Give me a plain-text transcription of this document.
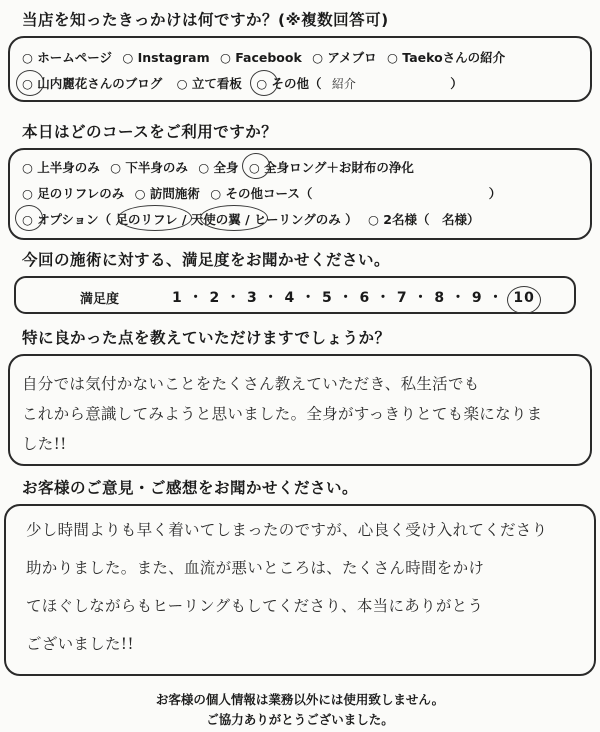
当店を知ったきっかけは何ですか？(※複数回答可)
○ ホームページ ○ Instagram ○ Facebook ○ アメブロ ○ Taekoさんの紹介
○ 山内麗花さんのブログ ○ 立て看板 ○ その他（ 紹介	）
本日はどのコースをご利用ですか？
○ 上半身のみ ○ 下半身のみ ○ 全身 ○ 全身ロング＋お財布の浄化
○ 足のリフレのみ ○ 訪問施術 ○ その他コース（	）
○ オプション（ 足のリフレ / 天使の翼 / ヒーリングのみ ） ○ 2名様（　名様）
今回の施術に対する、満足度をお聞かせください。
満足度	1 ・ 2 ・ 3 ・ 4 ・ 5 ・ 6 ・ 7 ・ 8 ・ 9 ・ 10
特に良かった点を教えていただけますでしょうか？
自分では気付かないことをたくさん教えていただき、私生活でも
これから意識してみようと思いました。全身がすっきりとても楽になりま
した!!
お客様のご意見・ご感想をお聞かせください。
少し時間よりも早く着いてしまったのですが、心良く受け入れてくださり
助かりました。また、血流が悪いところは、たくさん時間をかけ
てほぐしながらもヒーリングもしてくださり、本当にありがとう
ございました!!
お客様の個人情報は業務以外には使用致しません。
ご協力ありがとうございました。
